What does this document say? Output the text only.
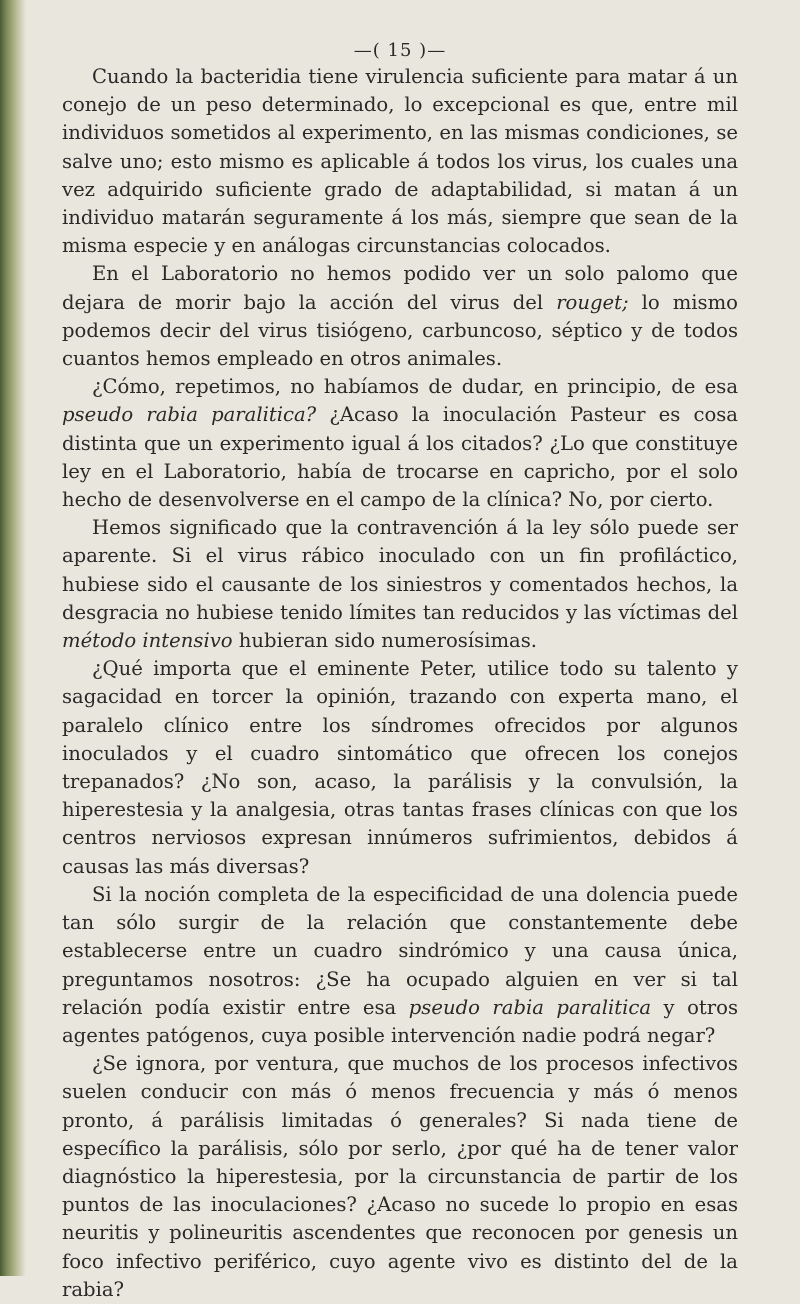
—( 15 )—

Cuando la bacteridia tiene virulencia suficiente para matar á un conejo de un peso determinado, lo excepcional es que, entre mil individuos sometidos al experimento, en las mismas condiciones, se salve uno; esto mismo es aplicable á todos los virus, los cuales una vez adquirido suficiente grado de adaptabilidad, si matan á un individuo matarán seguramente á los más, siempre que sean de la misma especie y en análogas circunstancias colocados.

En el Laboratorio no hemos podido ver un solo palomo que dejara de morir bajo la acción del virus del rouget; lo mismo podemos decir del virus tisiógeno, carbuncoso, séptico y de todos cuantos hemos empleado en otros animales.

¿Cómo, repetimos, no habíamos de dudar, en principio, de esa pseudo rabia paralitica? ¿Acaso la inoculación Pasteur es cosa distinta que un experimento igual á los citados? ¿Lo que constituye ley en el Laboratorio, había de trocarse en capricho, por el solo hecho de desenvolverse en el campo de la clínica? No, por cierto.

Hemos significado que la contravención á la ley sólo puede ser aparente. Si el virus rábico inoculado con un fin profiláctico, hubiese sido el causante de los siniestros y comentados hechos, la desgracia no hubiese tenido límites tan reducidos y las víctimas del método intensivo hubieran sido numerosísimas.

¿Qué importa que el eminente Peter, utilice todo su talento y sagacidad en torcer la opinión, trazando con experta mano, el paralelo clínico entre los síndromes ofrecidos por algunos inoculados y el cuadro sintomático que ofrecen los conejos trepanados? ¿No son, acaso, la parálisis y la convulsión, la hiperestesia y la analgesia, otras tantas frases clínicas con que los centros nerviosos expresan innúmeros sufrimientos, debidos á causas las más diversas?

Si la noción completa de la especificidad de una dolencia puede tan sólo surgir de la relación que constantemente debe establecerse entre un cuadro sindrómico y una causa única, preguntamos nosotros: ¿Se ha ocupado alguien en ver si tal relación podía existir entre esa pseudo rabia paralitica y otros agentes patógenos, cuya posible intervención nadie podrá negar?

¿Se ignora, por ventura, que muchos de los procesos infectivos suelen conducir con más ó menos frecuencia y más ó menos pronto, á parálisis limitadas ó generales? Si nada tiene de específico la parálisis, sólo por serlo, ¿por qué ha de tener valor diagnóstico la hiperestesia, por la circunstancia de partir de los puntos de las inoculaciones? ¿Acaso no sucede lo propio en esas neuritis y polineuritis ascendentes que reconocen por genesis un foco infectivo periférico, cuyo agente vivo es distinto del de la rabia?
